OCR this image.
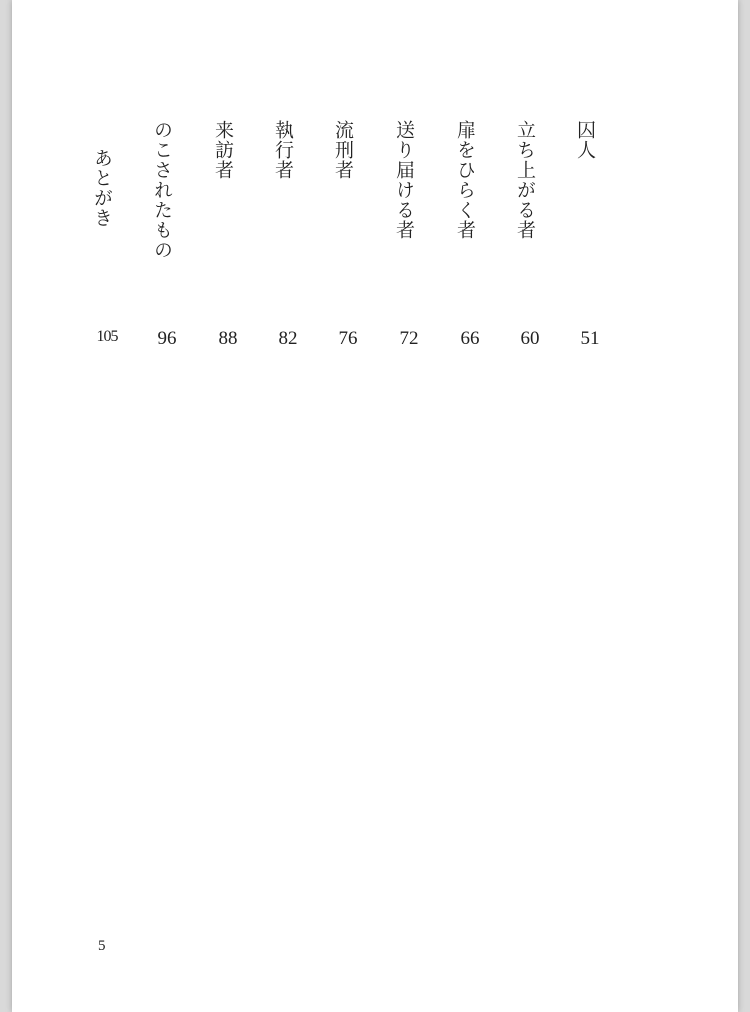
囚人
51
立ち上がる者
60
扉をひらく者
66
送り届ける者
72
流刑者
76
執行者
82
来訪者
88
のこされたもの
96
あとがき
105
5
